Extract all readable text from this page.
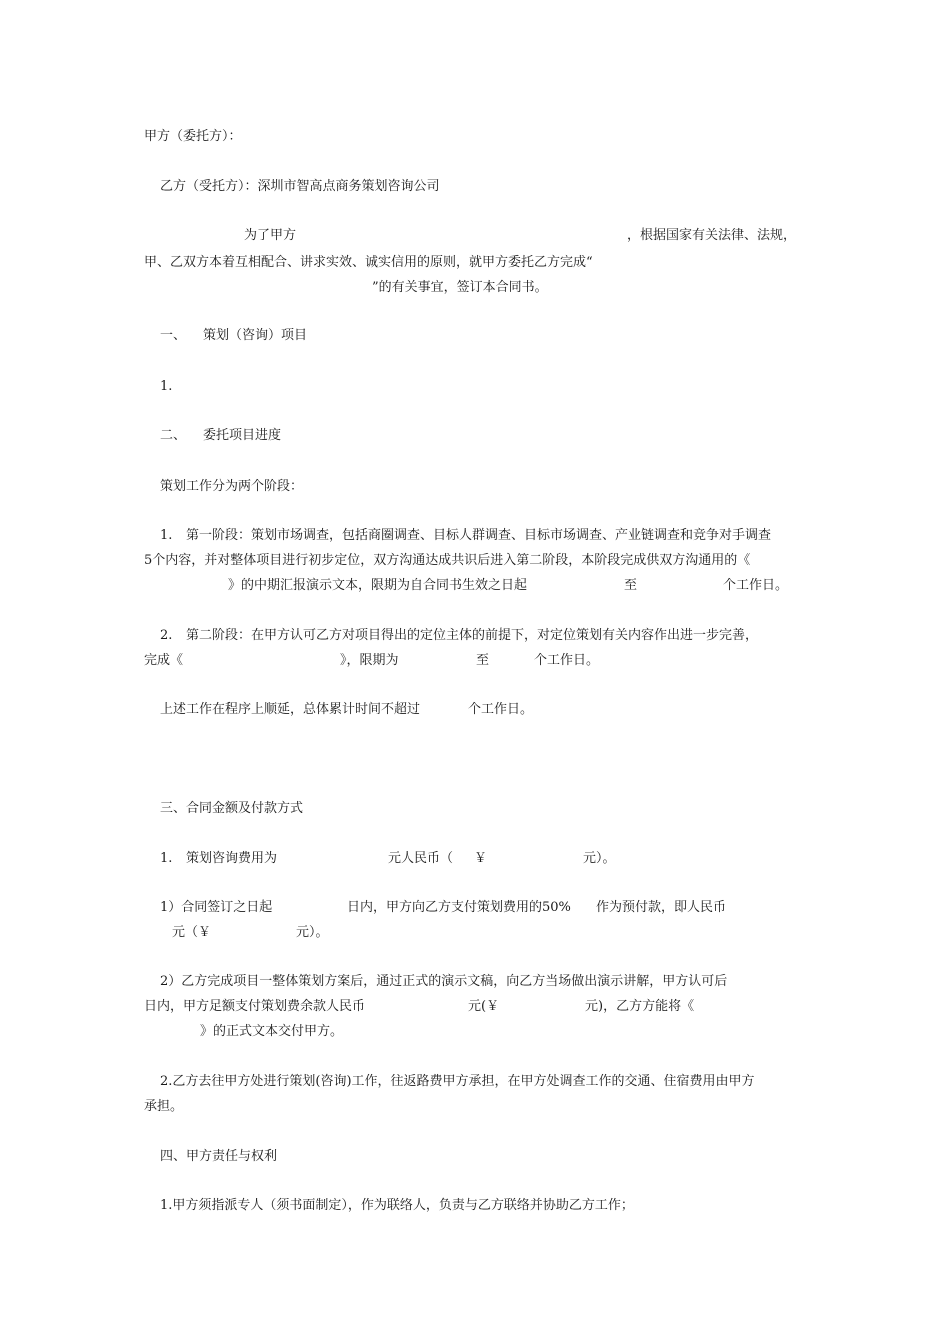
甲方（委托方）：
乙方（受托方）：深圳市智高点商务策划咨询公司
为了甲方	，根据国家有关法律、法规，
甲、乙双方本着互相配合、讲求实效、诚实信用的原则，就甲方委托乙方完成“
”的有关事宜，签订本合同书。
一、 策划（咨询）项目
1.
二、 委托项目进度
策划工作分为两个阶段：
1. 第一阶段：策划市场调查，包括商圈调查、目标人群调查、目标市场调查、产业链调查和竞争对手调查
5个内容，并对整体项目进行初步定位，双方沟通达成共识后进入第二阶段，本阶段完成供双方沟通用的《
》的中期汇报演示文本，限期为自合同书生效之日起	至	个工作日。
2. 第二阶段：在甲方认可乙方对项目得出的定位主体的前提下，对定位策划有关内容作出进一步完善，
完成《	》，限期为	至	个工作日。
上述工作在程序上顺延，总体累计时间不超过	个工作日。
三、合同金额及付款方式
1. 策划咨询费用为	元人民币（ ￥	元）。
1）合同签订之日起	日内，甲方向乙方支付策划费用的50% 作为预付款，即人民币
元（￥	元）。
2）乙方完成项目一整体策划方案后，通过正式的演示文稿，向乙方当场做出演示讲解，甲方认可后
日内，甲方足额支付策划费余款人民币	元(￥	元)，乙方方能将《
》的正式文本交付甲方。
2.乙方去往甲方处进行策划(咨询)工作，往返路费甲方承担，在甲方处调查工作的交通、住宿费用由甲方
承担。
四、甲方责任与权利
1.甲方须指派专人（须书面制定），作为联络人，负责与乙方联络并协助乙方工作；
